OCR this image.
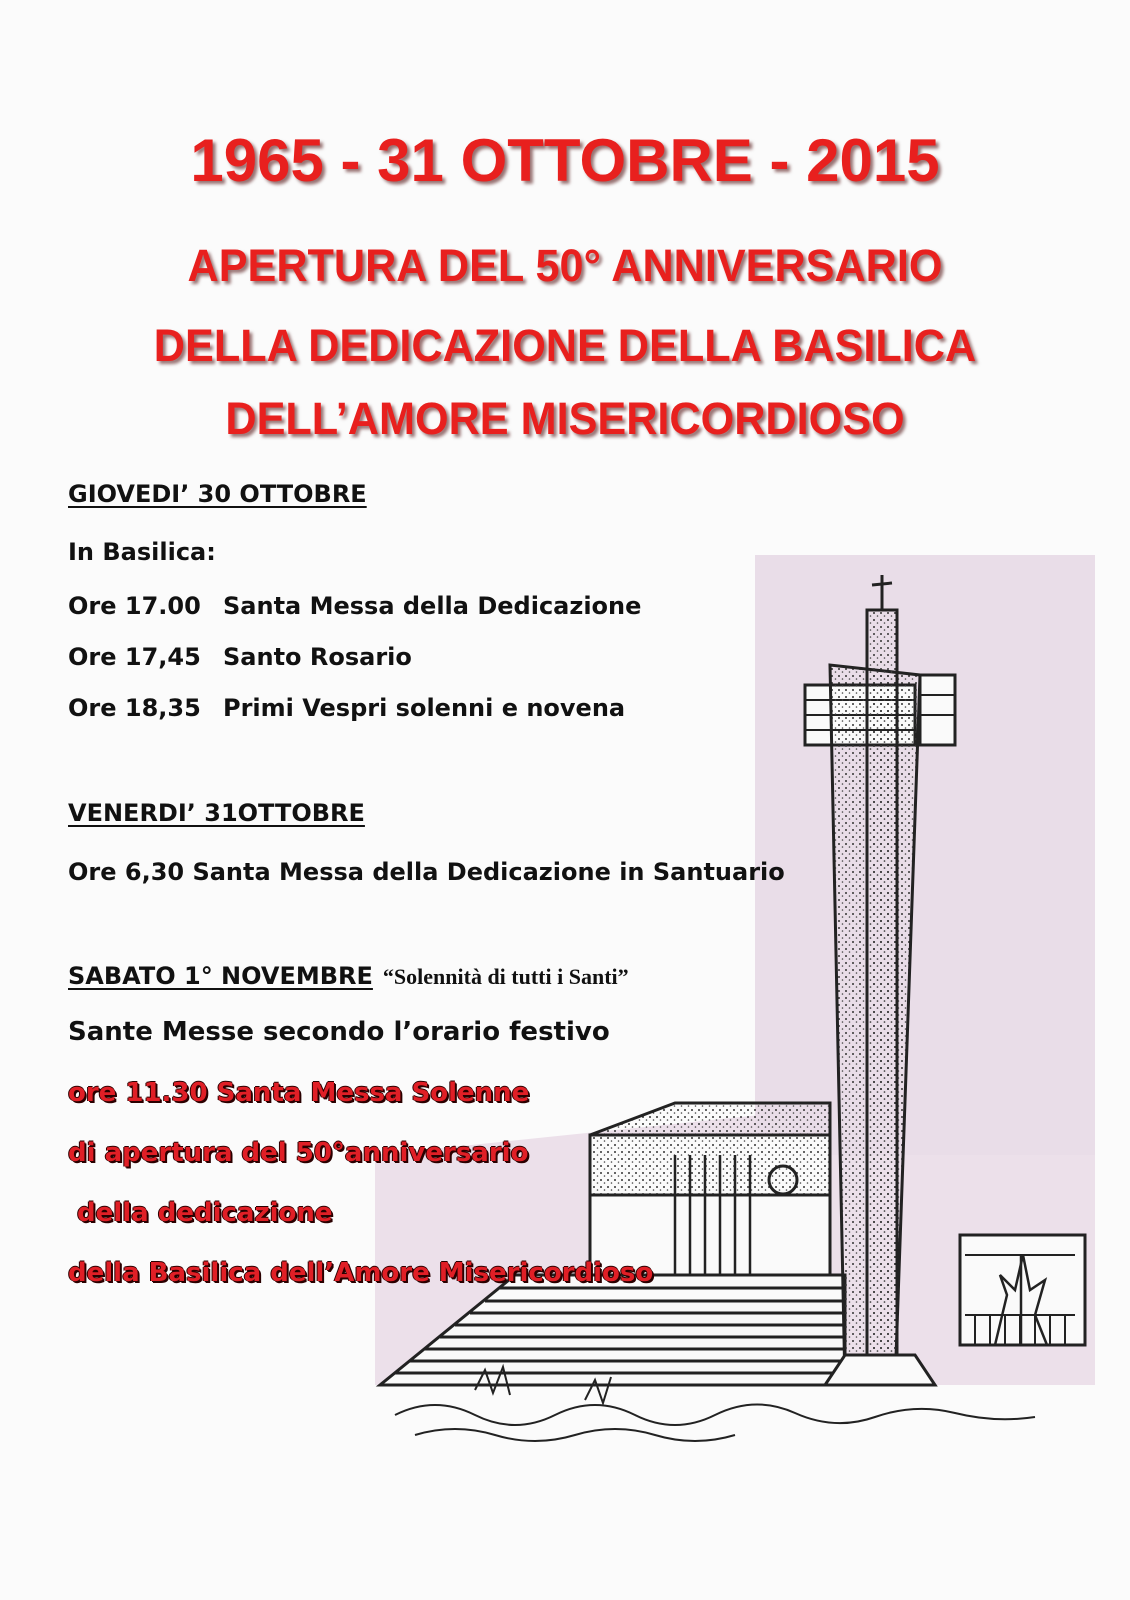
1965 - 31 OTTOBRE - 2015
APERTURA DEL 50° ANNIVERSARIO
DELLA DEDICAZIONE DELLA BASILICA
DELL’AMORE MISERICORDIOSO

GIOVEDI’ 30 OTTOBRE

In Basilica:

Ore 17.00 Santa Messa della Dedicazione
Ore 17,45 Santo Rosario
Ore 18,35 Primi Vespri solenni e novena

VENERDI’ 31OTTOBRE

Ore 6,30 Santa Messa della Dedicazione in Santuario

SABATO 1° NOVEMBRE “Solennità di tutti i Santi”

Sante Messe secondo l’orario festivo

ore 11.30 Santa Messa Solenne

di apertura del 50°anniversario

della dedicazione

della Basilica dell’Amore Misericordioso
